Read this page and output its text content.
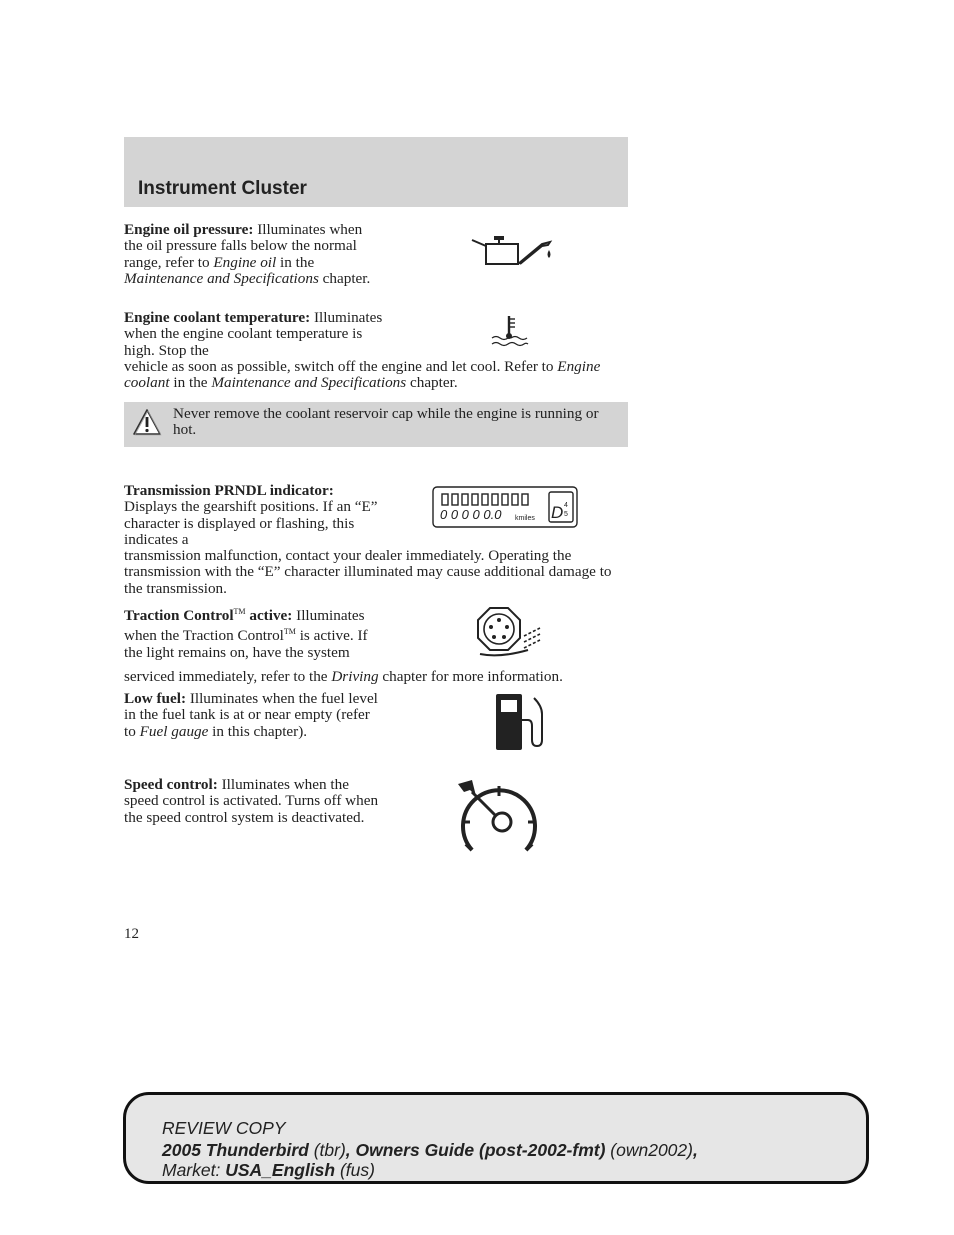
Instrument Cluster
Engine oil pressure: Illuminates when the oil pressure falls below the normal range, refer to Engine oil in the Maintenance and Specifications chapter.
Engine coolant temperature: Illuminates when the engine coolant temperature is high. Stop the
vehicle as soon as possible, switch off the engine and let cool. Refer to Engine coolant in the Maintenance and Specifications chapter.
Never remove the coolant reservoir cap while the engine is running or hot.
Transmission PRNDL indicator: Displays the gearshift positions. If an “E” character is displayed or flashing, this indicates a
transmission malfunction, contact your dealer immediately. Operating the transmission with the “E” character illuminated may cause additional damage to the transmission.
0 0 0 0 0.0 kmiles D 4
5
Traction Control™ active: Illuminates when the Traction Control™ is active. If the light remains on, have the system
serviced immediately, refer to the Driving chapter for more information.
Low fuel: Illuminates when the fuel level in the fuel tank is at or near empty (refer to Fuel gauge in this chapter).
Speed control: Illuminates when the speed control is activated. Turns off when the speed control system is deactivated.
12
REVIEW COPY
2005 Thunderbird (tbr), Owners Guide (post-2002-fmt) (own2002),
Market: USA_English (fus)
